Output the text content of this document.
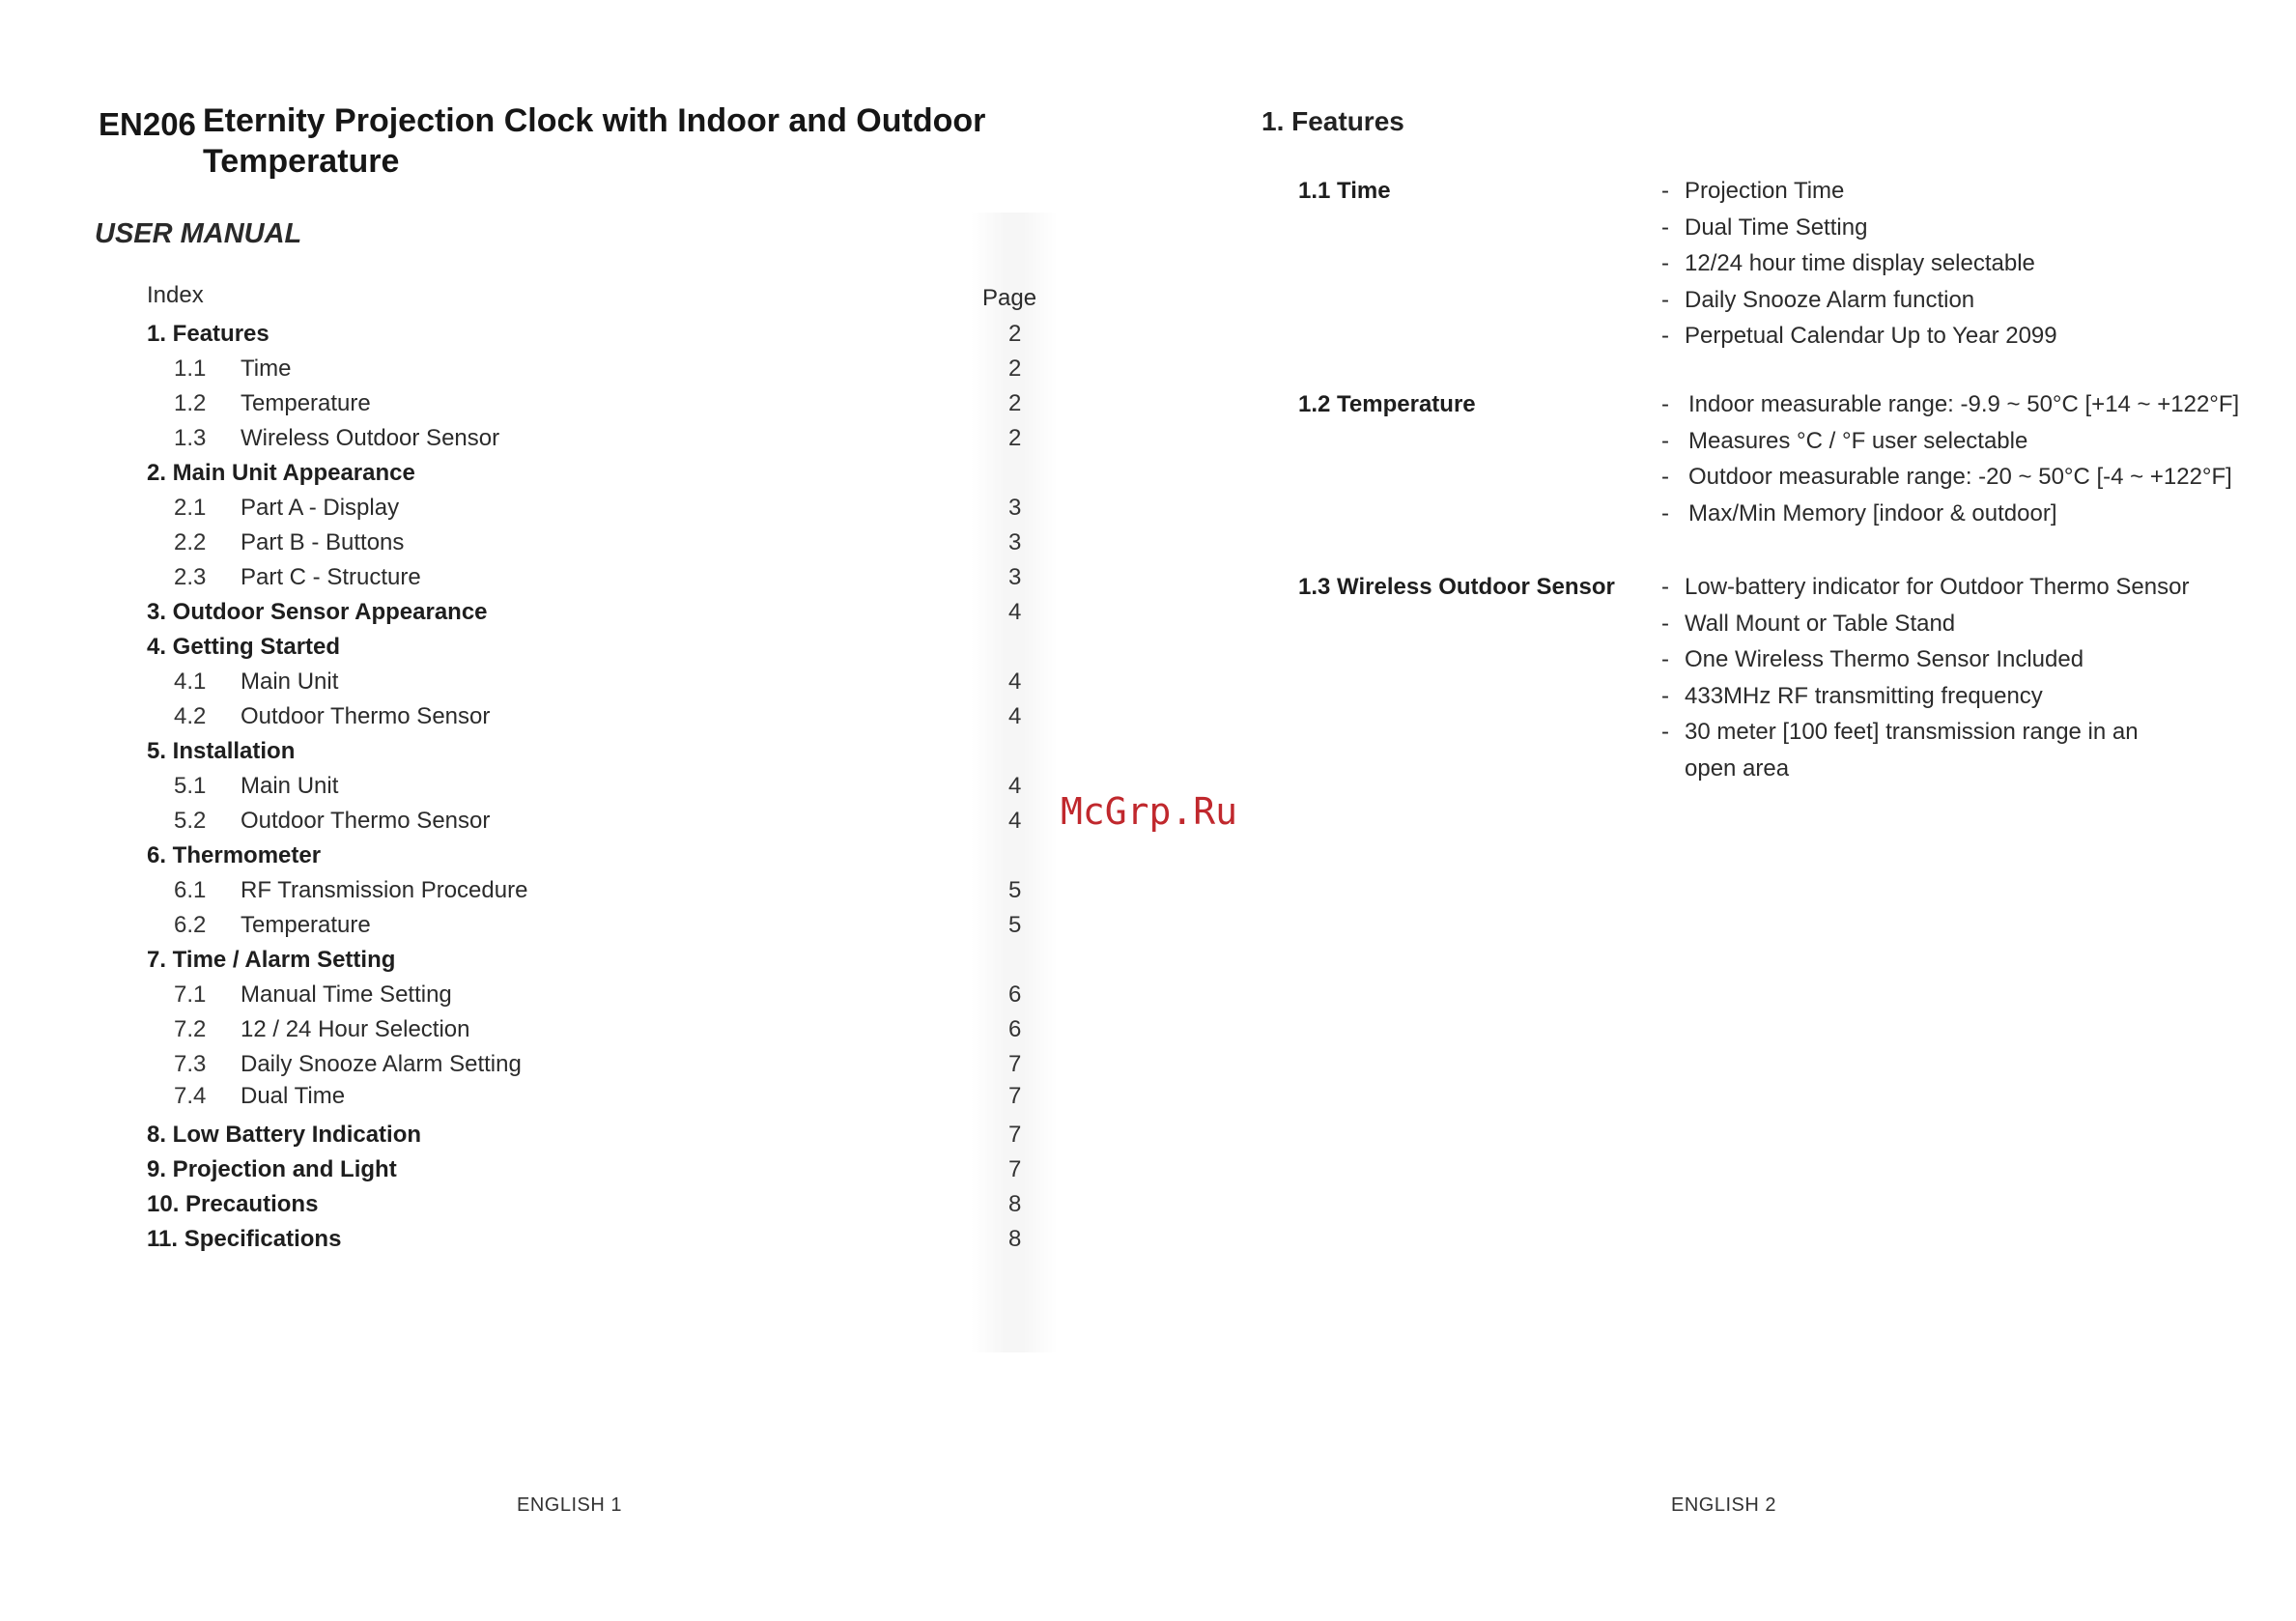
EN206 Eternity Projection Clock with Indoor and Outdoor
Temperature
USER MANUAL
Index	Page
1. Features	2
1.1 Time	2
1.2 Temperature	2
1.3 Wireless Outdoor Sensor	2
2. Main Unit Appearance
2.1 Part A - Display	3
2.2 Part B - Buttons	3
2.3 Part C - Structure	3
3. Outdoor Sensor Appearance	4
4. Getting Started
4.1 Main Unit	4
4.2 Outdoor Thermo Sensor	4
5. Installation
5.1 Main Unit	4
5.2 Outdoor Thermo Sensor	4
6. Thermometer
6.1 RF Transmission Procedure	5
6.2 Temperature	5
7. Time / Alarm Setting
7.1 Manual Time Setting	6
7.2 12 / 24 Hour Selection	6
7.3 Daily Snooze Alarm Setting	7
7.4 Dual Time	7
8. Low Battery Indication	7
9. Projection and Light	7
10. Precautions	8
11. Specifications	8
ENGLISH 1
McGrp.Ru
1. Features
1.1 Time	- Projection Time
- Dual Time Setting
- 12/24 hour time display selectable
- Daily Snooze Alarm function
- Perpetual Calendar Up to Year 2099
1.2 Temperature	- Indoor measurable range: -9.9 ~ 50°C [+14 ~ +122°F]
- Measures °C / °F user selectable
- Outdoor measurable range: -20 ~ 50°C [-4 ~ +122°F]
- Max/Min Memory [indoor & outdoor]
1.3 Wireless Outdoor Sensor - Low-battery indicator for Outdoor Thermo Sensor
- Wall Mount or Table Stand
- One Wireless Thermo Sensor Included
- 433MHz RF transmitting frequency
- 30 meter [100 feet] transmission range in an
open area
ENGLISH 2
